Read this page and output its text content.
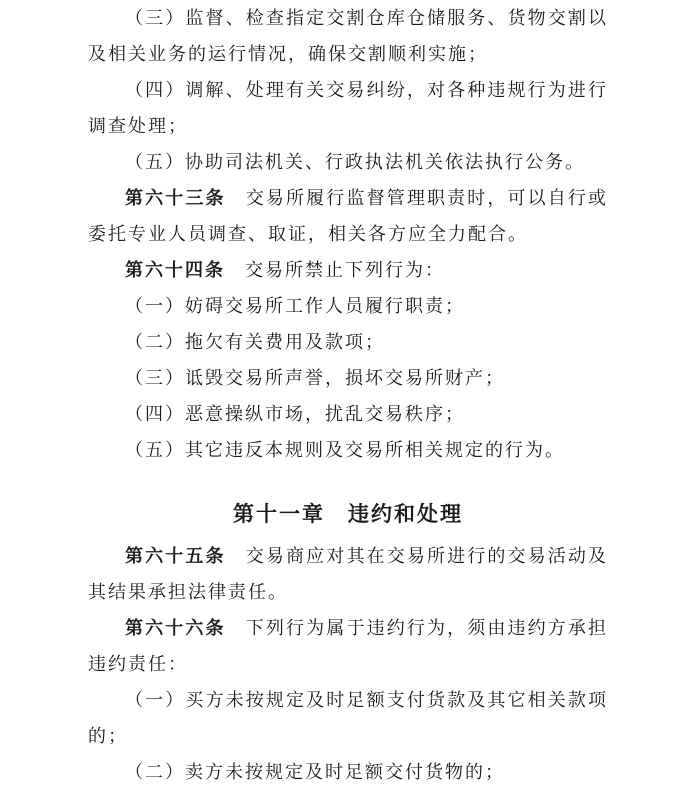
（三）监督、检查指定交割仓库仓储服务、货物交割以及相关业务的运行情况，确保交割顺利实施；

（四）调解、处理有关交易纠纷，对各种违规行为进行调查处理；

（五）协助司法机关、行政执法机关依法执行公务。

第六十三条　交易所履行监督管理职责时，可以自行或委托专业人员调查、取证，相关各方应全力配合。

第六十四条　交易所禁止下列行为：

（一）妨碍交易所工作人员履行职责；

（二）拖欠有关费用及款项；

（三）诋毁交易所声誉，损坏交易所财产；

（四）恶意操纵市场，扰乱交易秩序；

（五）其它违反本规则及交易所相关规定的行为。

第十一章　违约和处理

第六十五条　交易商应对其在交易所进行的交易活动及其结果承担法律责任。

第六十六条　下列行为属于违约行为，须由违约方承担违约责任：

（一）买方未按规定及时足额支付货款及其它相关款项的；

（二）卖方未按规定及时足额交付货物的；
